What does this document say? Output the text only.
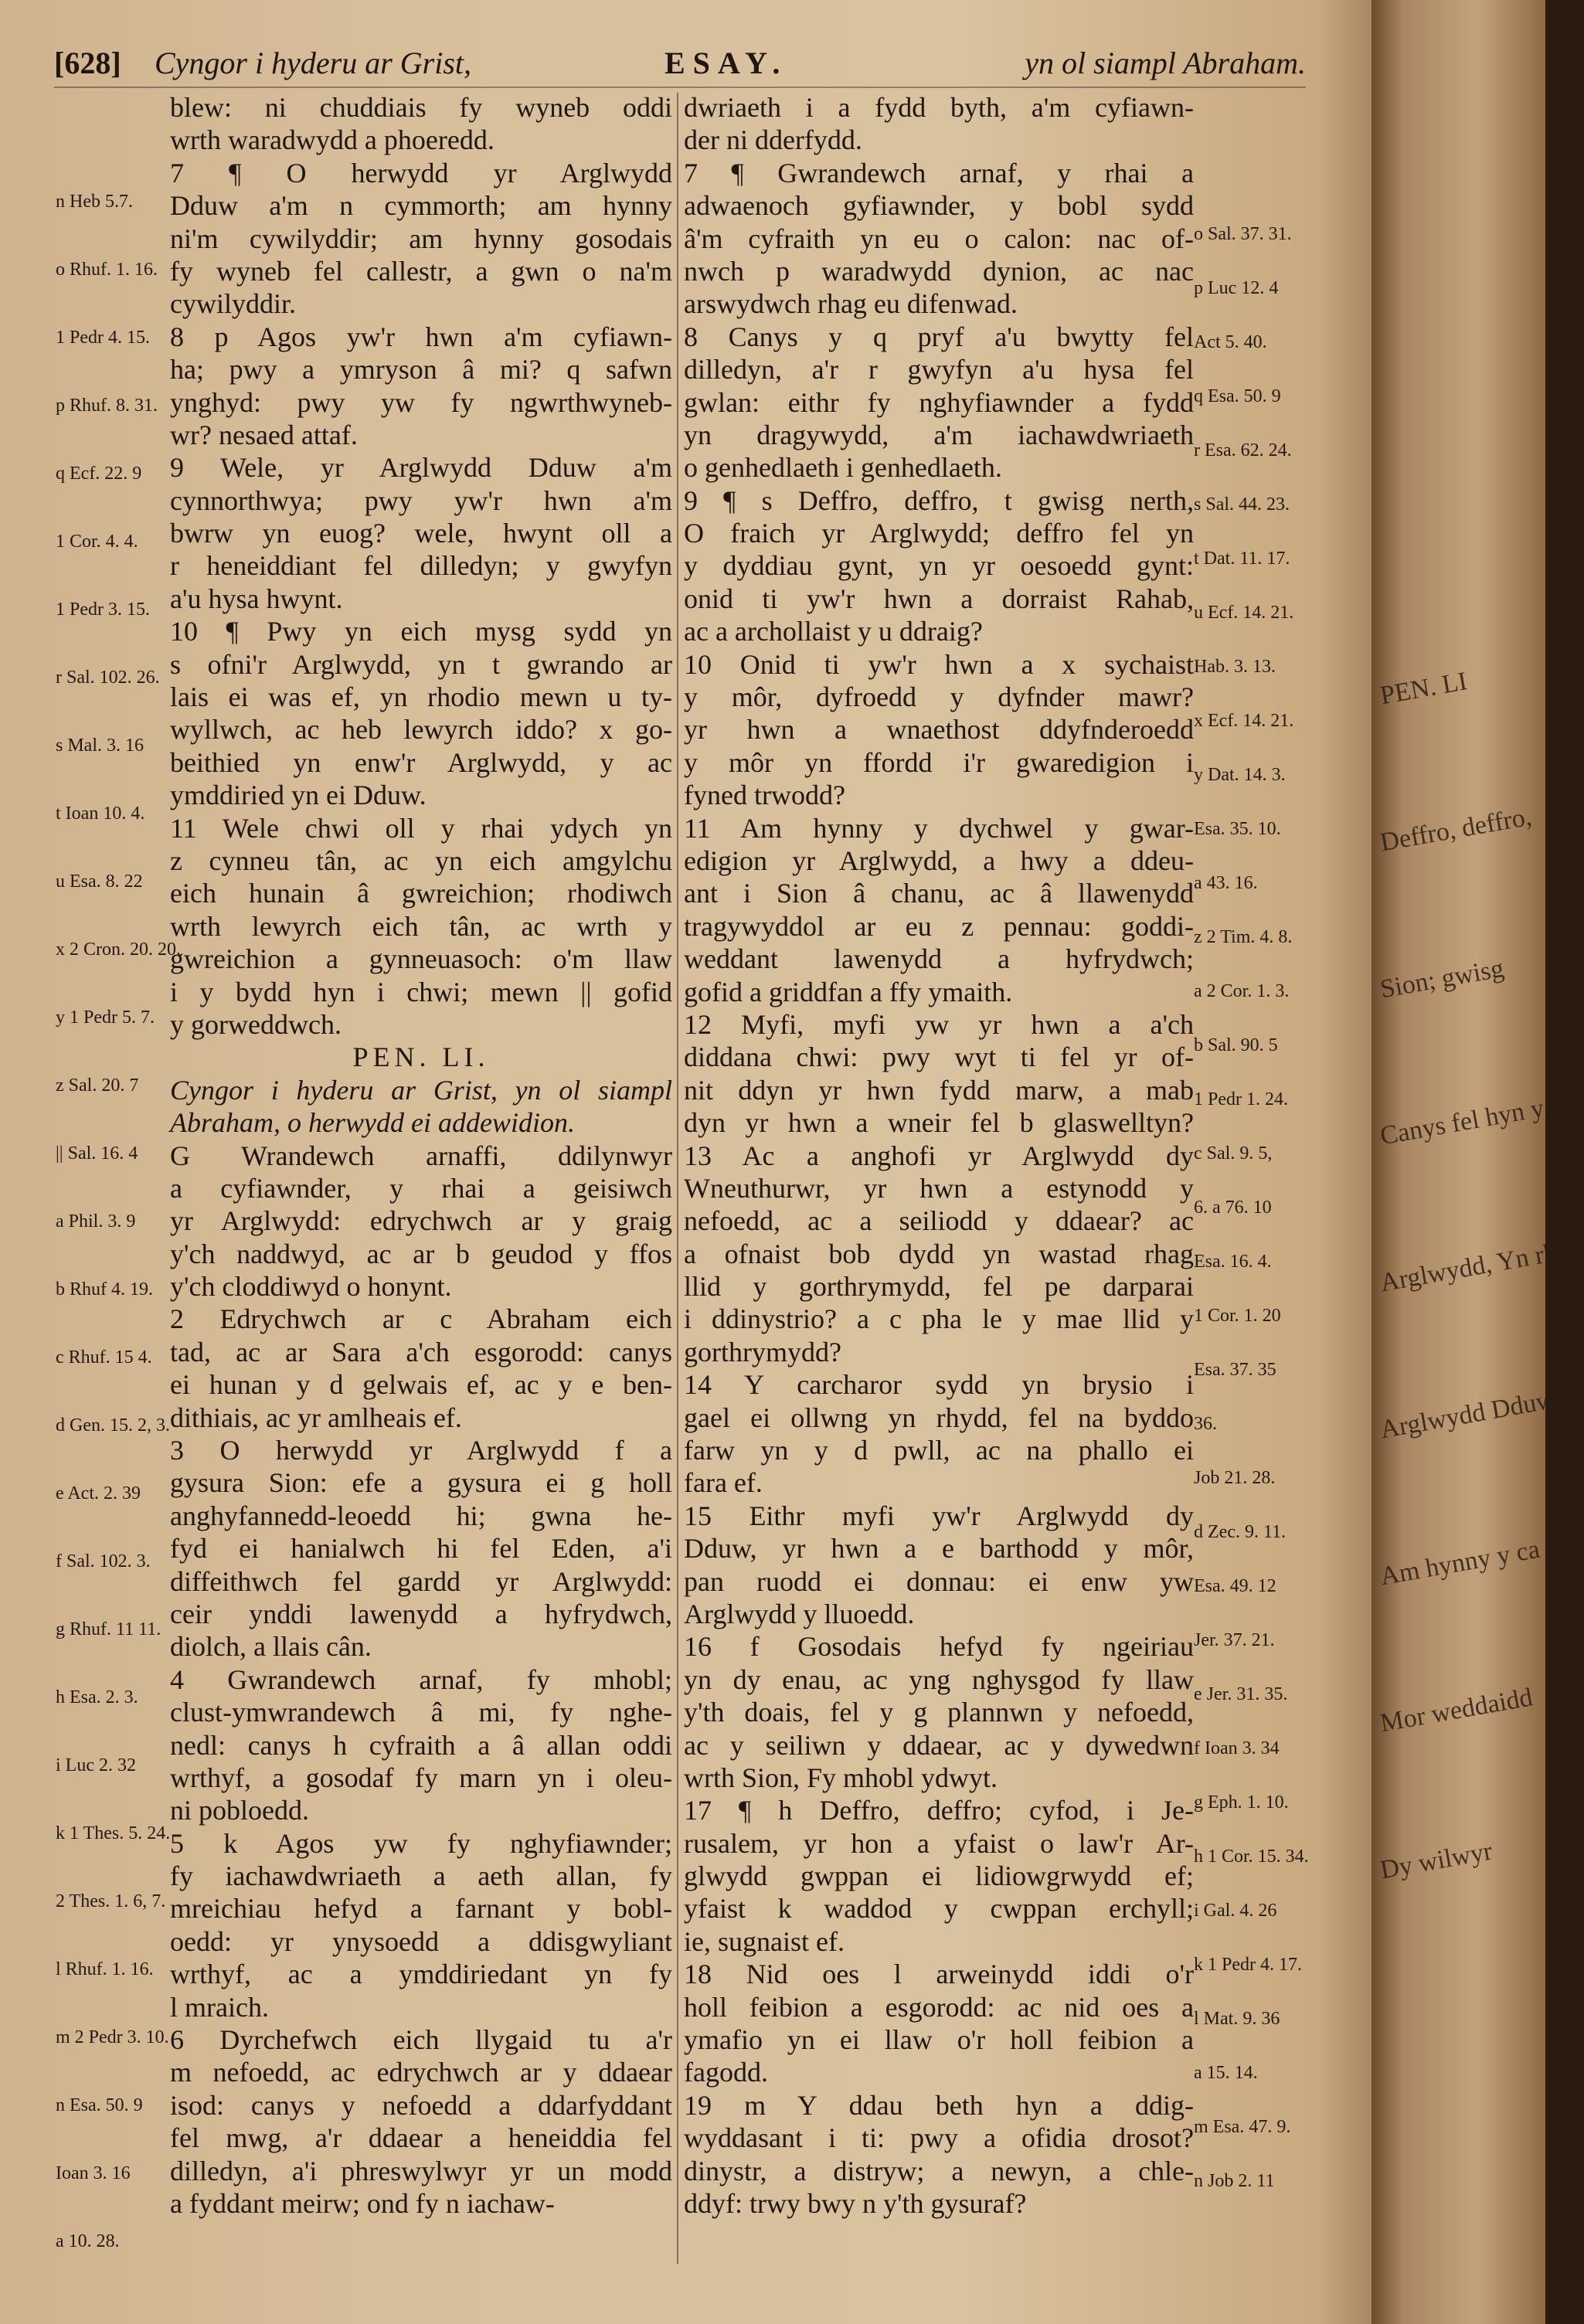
[628] Cyngor i hyderu ar Grist,	ESAY.	yn ol siampl Abraham.
blew: ni chuddiais fy wyneb oddi
wrth waradwydd a phoeredd.
7 ¶ O herwydd yr Arglwydd
Dduw a'm n cymmorth; am hynny
ni'm cywilyddir; am hynny gosodais
fy wyneb fel callestr, a gwn o na'm
cywilyddir.
8 p Agos yw'r hwn a'm cyfiawn-
ha; pwy a ymryson â mi? q safwn
ynghyd: pwy yw fy ngwrthwyneb-
wr? nesaed attaf.
9 Wele, yr Arglwydd Dduw a'm
cynnorthwya; pwy yw'r hwn a'm
bwrw yn euog? wele, hwynt oll a
r heneiddiant fel dilledyn; y gwyfyn
a'u hysa hwynt.
10 ¶ Pwy yn eich mysg sydd yn
s ofni'r Arglwydd, yn t gwrando ar
lais ei was ef, yn rhodio mewn u ty-
wyllwch, ac heb lewyrch iddo? x go-
beithied yn enw'r Arglwydd, y ac
ymddiried yn ei Dduw.
11 Wele chwi oll y rhai ydych yn
z cynneu tân, ac yn eich amgylchu
eich hunain â gwreichion; rhodiwch
wrth lewyrch eich tân, ac wrth y
gwreichion a gynneuasoch: o'm llaw
i y bydd hyn i chwi; mewn || gofid
y gorweddwch.
PEN. LI.
Cyngor i hyderu ar Grist, yn ol siampl
Abraham, o herwydd ei addewidion.
G Wrandewch arnaffi, ddilynwyr
a cyfiawnder, y rhai a geisiwch
yr Arglwydd: edrychwch ar y graig
y'ch naddwyd, ac ar b geudod y ffos
y'ch cloddiwyd o honynt.
2 Edrychwch ar c Abraham eich
tad, ac ar Sara a'ch esgorodd: canys
ei hunan y d gelwais ef, ac y e ben-
dithiais, ac yr amlheais ef.
3 O herwydd yr Arglwydd f a
gysura Sion: efe a gysura ei g holl
anghyfannedd-leoedd hi; gwna he-
fyd ei hanialwch hi fel Eden, a'i
diffeithwch fel gardd yr Arglwydd:
ceir ynddi lawenydd a hyfrydwch,
diolch, a llais cân.
4 Gwrandewch arnaf, fy mhobl;
clust-ymwrandewch â mi, fy nghe-
nedl: canys h cyfraith a â allan oddi
wrthyf, a gosodaf fy marn yn i oleu-
ni pobloedd.
5 k Agos yw fy nghyfiawnder;
fy iachawdwriaeth a aeth allan, fy
mreichiau hefyd a farnant y bobl-
oedd: yr ynysoedd a ddisgwyliant
wrthyf, ac a ymddiriedant yn fy
l mraich.
6 Dyrchefwch eich llygaid tu a'r
m nefoedd, ac edrychwch ar y ddaear
isod: canys y nefoedd a ddarfyddant
fel mwg, a'r ddaear a heneiddia fel
dilledyn, a'i phreswylwyr yr un modd
a fyddant meirw; ond fy n iachaw-
dwriaeth i a fydd byth, a'm cyfiawn-
der ni dderfydd.
7 ¶ Gwrandewch arnaf, y rhai a
adwaenoch gyfiawnder, y bobl sydd
â'm cyfraith yn eu o calon: nac of-
nwch p waradwydd dynion, ac nac
arswydwch rhag eu difenwad.
8 Canys y q pryf a'u bwytty fel
dilledyn, a'r r gwyfyn a'u hysa fel
gwlan: eithr fy nghyfiawnder a fydd
yn dragywydd, a'm iachawdwriaeth
o genhedlaeth i genhedlaeth.
9 ¶ s Deffro, deffro, t gwisg nerth,
O fraich yr Arglwydd; deffro fel yn
y dyddiau gynt, yn yr oesoedd gynt:
onid ti yw'r hwn a dorraist Rahab,
ac a archollaist y u ddraig?
10 Onid ti yw'r hwn a x sychaist
y môr, dyfroedd y dyfnder mawr?
yr hwn a wnaethost ddyfnderoedd
y môr yn ffordd i'r gwaredigion i
fyned trwodd?
11 Am hynny y dychwel y gwar-
edigion yr Arglwydd, a hwy a ddeu-
ant i Sion â chanu, ac â llawenydd
tragywyddol ar eu z pennau: goddi-
weddant lawenydd a hyfrydwch;
gofid a griddfan a ffy ymaith.
12 Myfi, myfi yw yr hwn a a'ch
diddana chwi: pwy wyt ti fel yr of-
nit ddyn yr hwn fydd marw, a mab
dyn yr hwn a wneir fel b glaswelltyn?
13 Ac a anghofi yr Arglwydd dy
Wneuthurwr, yr hwn a estynodd y
nefoedd, ac a seiliodd y ddaear? ac
a ofnaist bob dydd yn wastad rhag
llid y gorthrymydd, fel pe darparai
i ddinystrio? a c pha le y mae llid y
gorthrymydd?
14 Y carcharor sydd yn brysio i
gael ei ollwng yn rhydd, fel na byddo
farw yn y d pwll, ac na phallo ei
fara ef.
15 Eithr myfi yw'r Arglwydd dy
Dduw, yr hwn a e barthodd y môr,
pan ruodd ei donnau: ei enw yw
Arglwydd y lluoedd.
16 f Gosodais hefyd fy ngeiriau
yn dy enau, ac yng nghysgod fy llaw
y'th doais, fel y g plannwn y nefoedd,
ac y seiliwn y ddaear, ac y dywedwn
wrth Sion, Fy mhobl ydwyt.
17 ¶ h Deffro, deffro; cyfod, i Je-
rusalem, yr hon a yfaist o law'r Ar-
glwydd gwppan ei lidiowgrwydd ef;
yfaist k waddod y cwppan erchyll;
ie, sugnaist ef.
18 Nid oes l arweinydd iddi o'r
holl feibion a esgorodd: ac nid oes a
ymafio yn ei llaw o'r holl feibion a
fagodd.
19 m Y ddau beth hyn a ddig-
wyddasant i ti: pwy a ofidia drosot?
dinystr, a distryw; a newyn, a chle-
ddyf: trwy bwy n y'th gysuraf?
n Heb 5.7.
o Rhuf. 1. 16.
1 Pedr 4. 15.
p Rhuf. 8. 31.
q Ecf. 22. 9
1 Cor. 4. 4.
1 Pedr 3. 15.
r Sal. 102. 26.
s Mal. 3. 16
t Ioan 10. 4.
u Esa. 8. 22
x 2 Cron. 20. 20.
y 1 Pedr 5. 7.
z Sal. 20. 7
|| Sal. 16. 4
a Phil. 3. 9
b Rhuf 4. 19.
c Rhuf. 15 4.
d Gen. 15. 2, 3.
e Act. 2. 39
f Sal. 102. 3.
g Rhuf. 11 11.
h Esa. 2. 3.
i Luc 2. 32
k 1 Thes. 5. 24.
2 Thes. 1. 6, 7.
l Rhuf. 1. 16.
m 2 Pedr 3. 10.
n Esa. 50. 9
Ioan 3. 16
a 10. 28.
o Sal. 37. 31.
p Luc 12. 4
Act 5. 40.
q Esa. 50. 9
r Esa. 62. 24.
s Sal. 44. 23.
t Dat. 11. 17.
u Ecf. 14. 21.
Hab. 3. 13.
x Ecf. 14. 21.
y Dat. 14. 3.
Esa. 35. 10.
a 43. 16.
z 2 Tim. 4. 8.
a 2 Cor. 1. 3.
b Sal. 90. 5
1 Pedr 1. 24.
c Sal. 9. 5,
6. a 76. 10
Esa. 16. 4.
1 Cor. 1. 20
Esa. 37. 35
36.
Job 21. 28.
d Zec. 9. 11.
Esa. 49. 12
Jer. 37. 21.
e Jer. 31. 35.
f Ioan 3. 34
g Eph. 1. 10.
h 1 Cor. 15. 34.
i Gal. 4. 26
k 1 Pedr 4. 17.
l Mat. 9. 36
a 15. 14.
m Esa. 47. 9.
n Job 2. 11
PEN. LI
Deffro, deffro,
Sion; gwisg
Canys fel hyn y
Arglwydd, Yn rhad
Arglwydd Dduw,
Am hynny y ca
Mor weddaidd
Dy wilwyr
